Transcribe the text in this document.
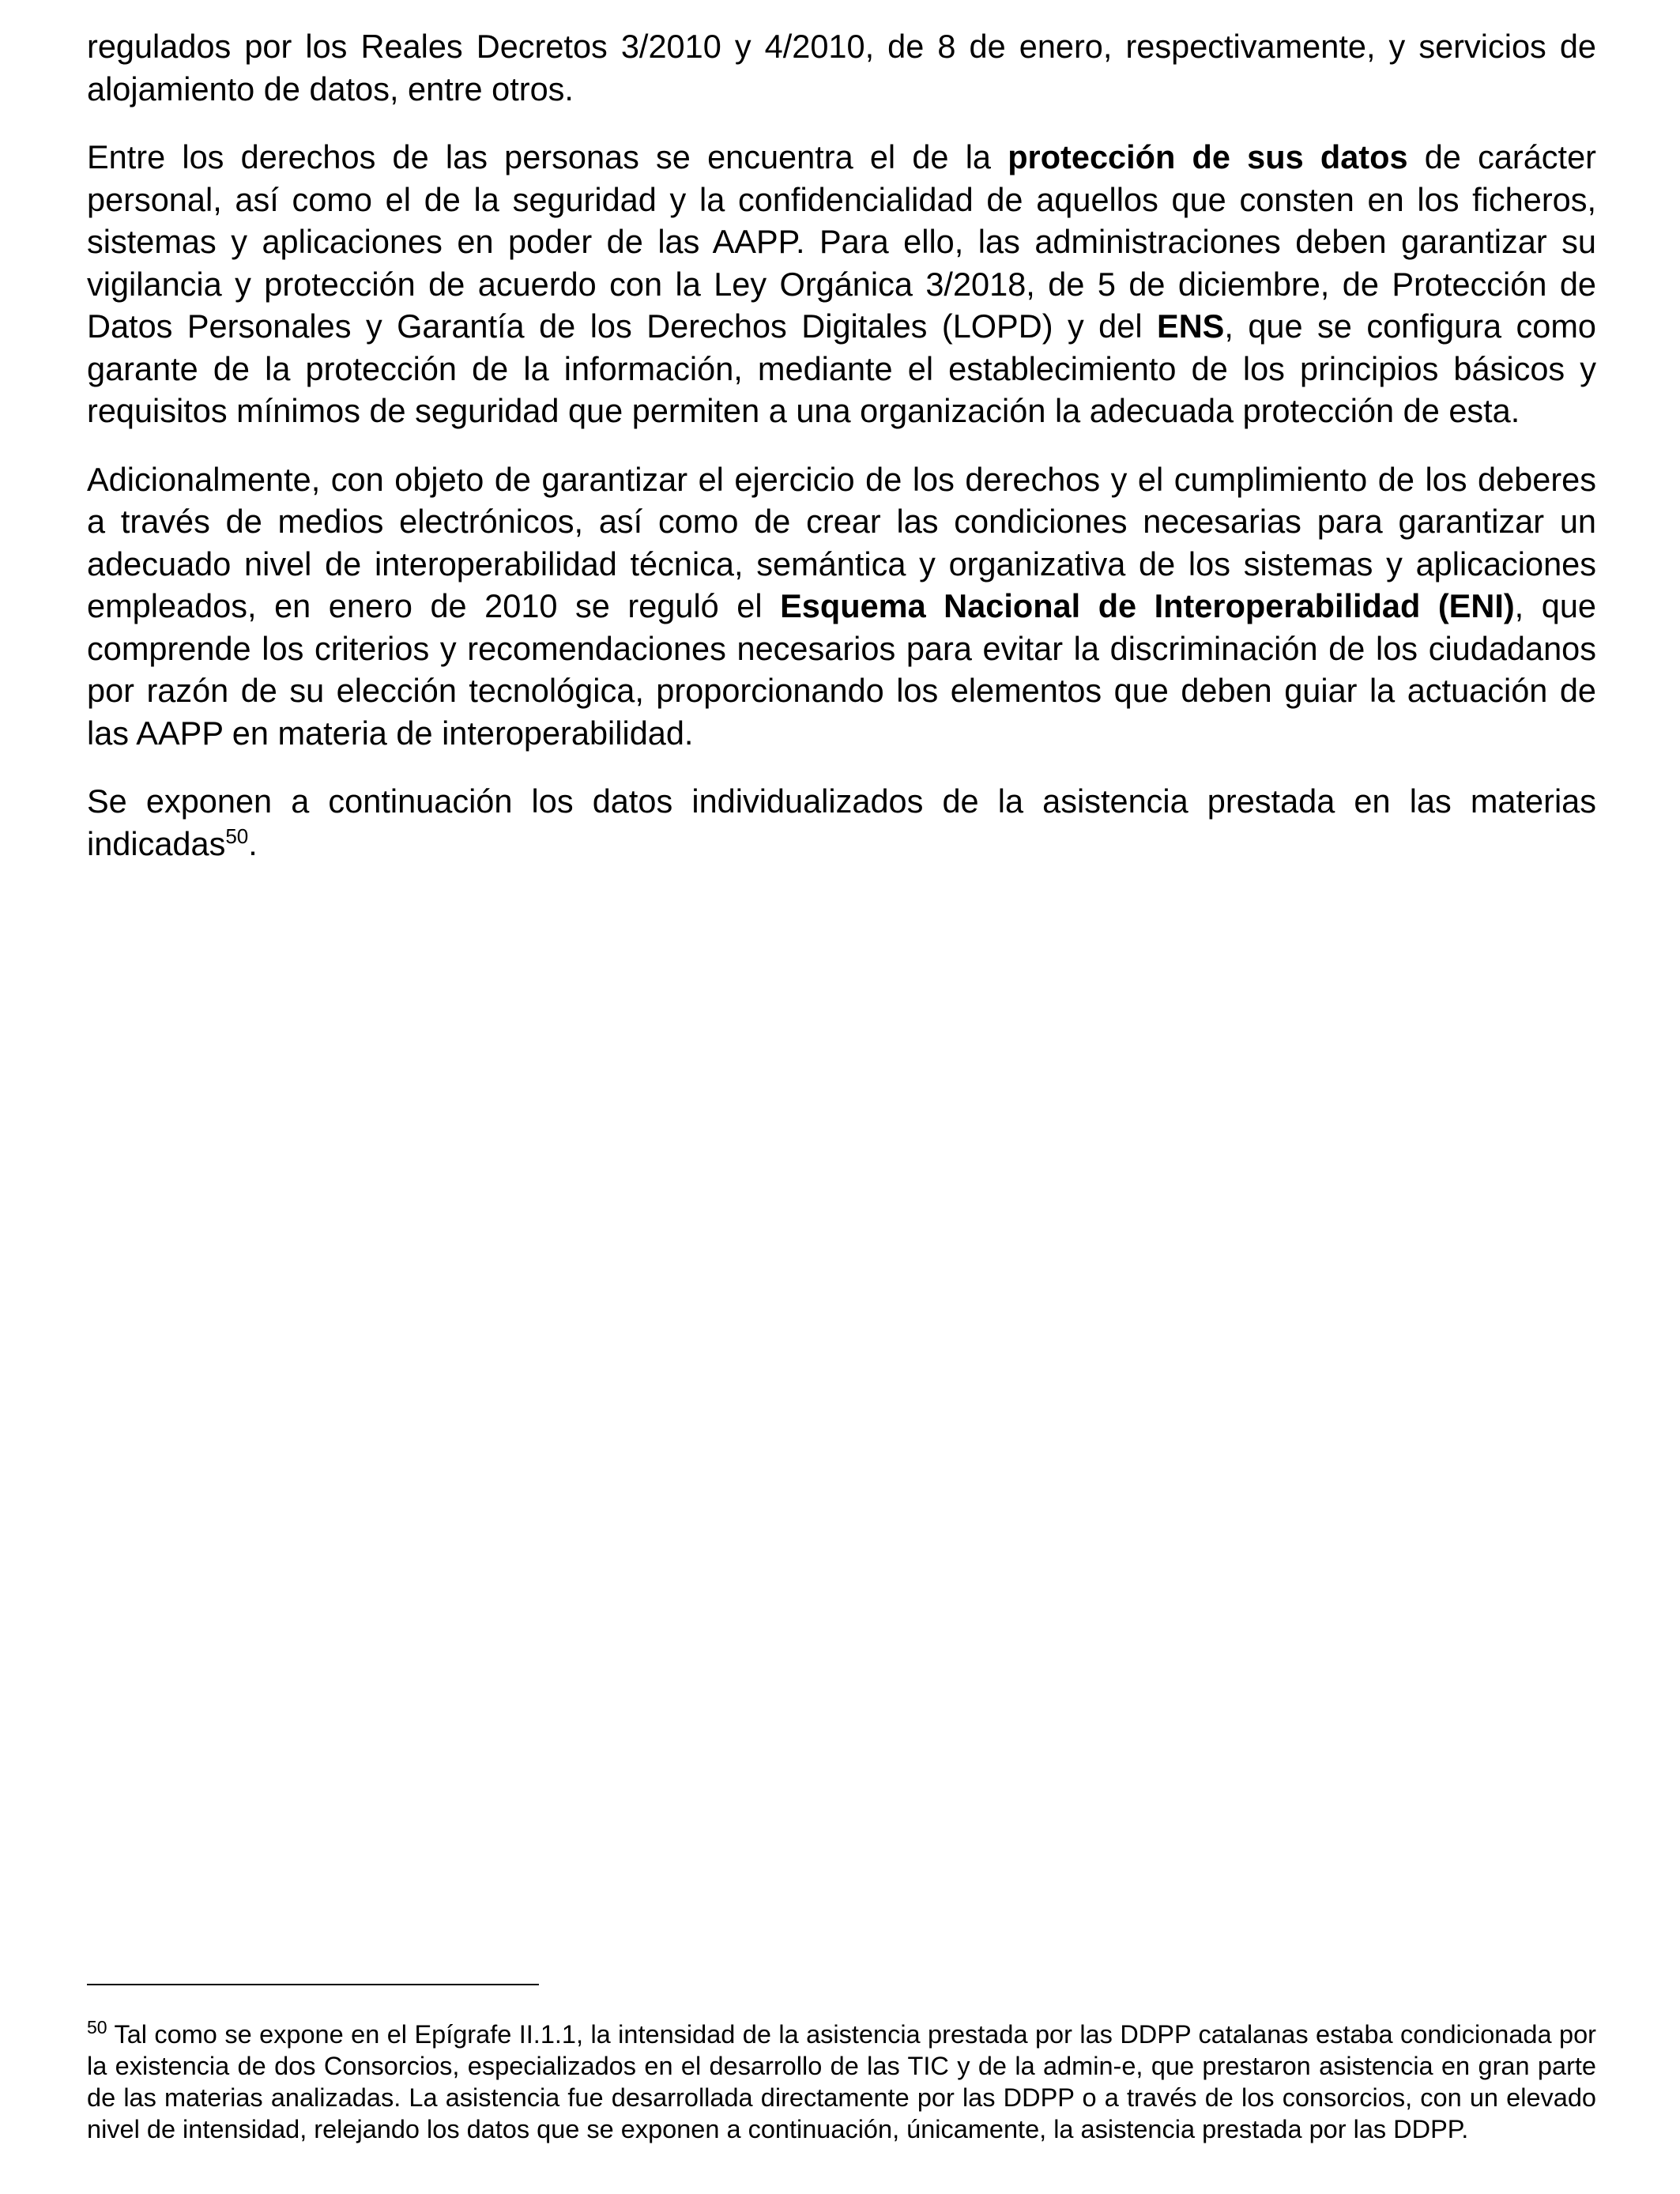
regulados por los Reales Decretos 3/2010 y 4/2010, de 8 de enero, respectivamente, y servicios de alojamiento de datos, entre otros.

Entre los derechos de las personas se encuentra el de la protección de sus datos de carácter personal, así como el de la seguridad y la confidencialidad de aquellos que consten en los ficheros, sistemas y aplicaciones en poder de las AAPP. Para ello, las administraciones deben garantizar su vigilancia y protección de acuerdo con la Ley Orgánica 3/2018, de 5 de diciembre, de Protección de Datos Personales y Garantía de los Derechos Digitales (LOPD) y del ENS, que se configura como garante de la protección de la información, mediante el establecimiento de los principios básicos y requisitos mínimos de seguridad que permiten a una organización la adecuada protección de esta.

Adicionalmente, con objeto de garantizar el ejercicio de los derechos y el cumplimiento de los deberes a través de medios electrónicos, así como de crear las condiciones necesarias para garantizar un adecuado nivel de interoperabilidad técnica, semántica y organizativa de los sistemas y aplicaciones empleados, en enero de 2010 se reguló el Esquema Nacional de Interoperabilidad (ENI), que comprende los criterios y recomendaciones necesarios para evitar la discriminación de los ciudadanos por razón de su elección tecnológica, proporcionando los elementos que deben guiar la actuación de las AAPP en materia de interoperabilidad.

Se exponen a continuación los datos individualizados de la asistencia prestada en las materias indicadas$^{50}$.

$^{50}$ Tal como se expone en el Epígrafe II.1.1, la intensidad de la asistencia prestada por las DDPP catalanas estaba condicionada por la existencia de dos Consorcios, especializados en el desarrollo de las TIC y de la admin-e, que prestaron asistencia en gran parte de las materias analizadas. La asistencia fue desarrollada directamente por las DDPP o a través de los consorcios, con un elevado nivel de intensidad, relejando los datos que se exponen a continuación, únicamente, la asistencia prestada por las DDPP.
